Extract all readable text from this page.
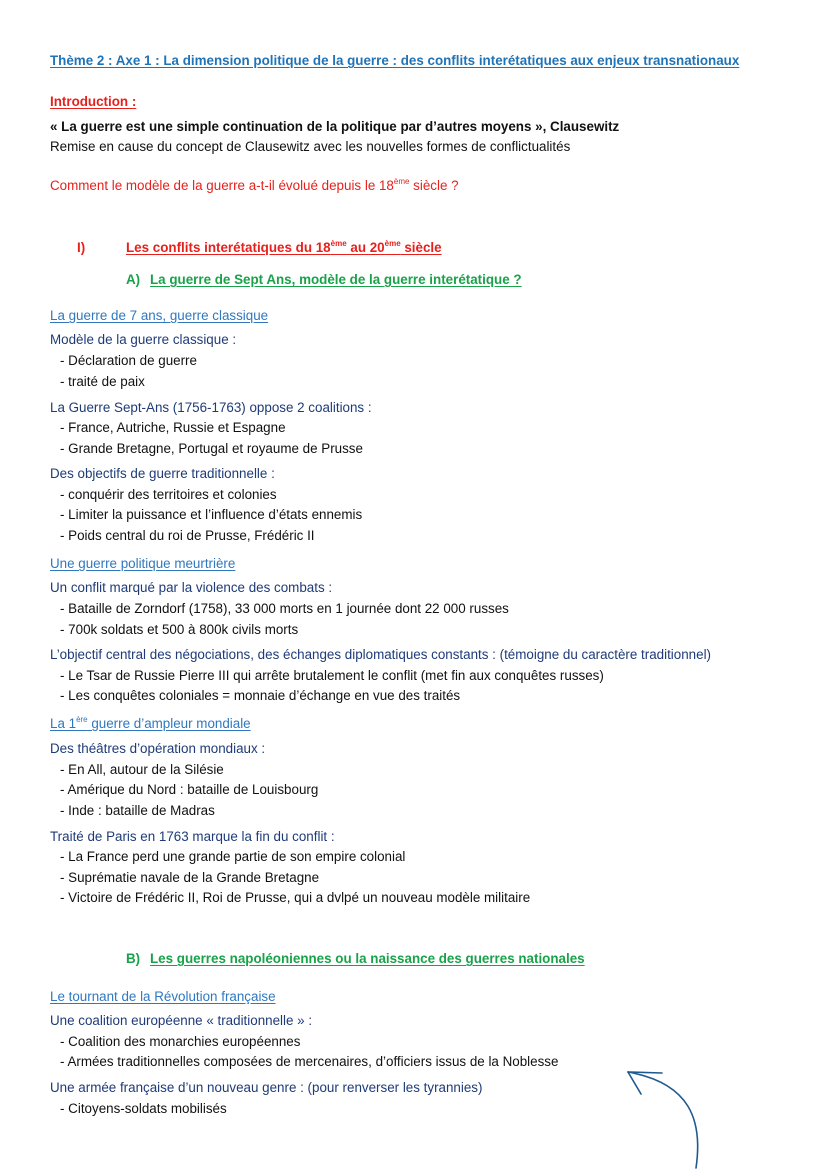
Thème 2 : Axe 1 : La dimension politique de la guerre : des conflits interétatiques aux enjeux transnationaux
Introduction :
« La guerre est une simple continuation de la politique par d’autres moyens », Clausewitz
Remise en cause du concept de Clausewitz avec les nouvelles formes de conflictualités
Comment le modèle de la guerre a-t-il évolué depuis le 18ème siècle ?
I)	Les conflits interétatiques du 18ème au 20ème siècle
A) La guerre de Sept Ans, modèle de la guerre interétatique ?
La guerre de 7 ans, guerre classique
Modèle de la guerre classique :
- Déclaration de guerre
- traité de paix
La Guerre Sept-Ans (1756-1763) oppose 2 coalitions :
- France, Autriche, Russie et Espagne
- Grande Bretagne, Portugal et royaume de Prusse
Des objectifs de guerre traditionnelle :
- conquérir des territoires et colonies
- Limiter la puissance et l’influence d’états ennemis
- Poids central du roi de Prusse, Frédéric II
Une guerre politique meurtrière
Un conflit marqué par la violence des combats :
- Bataille de Zorndorf (1758), 33 000 morts en 1 journée dont 22 000 russes
- 700k soldats et 500 à 800k civils morts
L’objectif central des négociations, des échanges diplomatiques constants : (témoigne du caractère traditionnel)
- Le Tsar de Russie Pierre III qui arrête brutalement le conflit (met fin aux conquêtes russes)
- Les conquêtes coloniales = monnaie d’échange en vue des traités
La 1ère guerre d’ampleur mondiale
Des théâtres d’opération mondiaux :
- En All, autour de la Silésie
- Amérique du Nord : bataille de Louisbourg
- Inde : bataille de Madras
Traité de Paris en 1763 marque la fin du conflit :
- La France perd une grande partie de son empire colonial
- Suprématie navale de la Grande Bretagne
- Victoire de Frédéric II, Roi de Prusse, qui a dvlpé un nouveau modèle militaire
B) Les guerres napoléoniennes ou la naissance des guerres nationales
Le tournant de la Révolution française
Une coalition européenne « traditionnelle » :
- Coalition des monarchies européennes
- Armées traditionnelles composées de mercenaires, d’officiers issus de la Noblesse
Une armée française d’un nouveau genre : (pour renverser les tyrannies)
- Citoyens-soldats mobilisés
